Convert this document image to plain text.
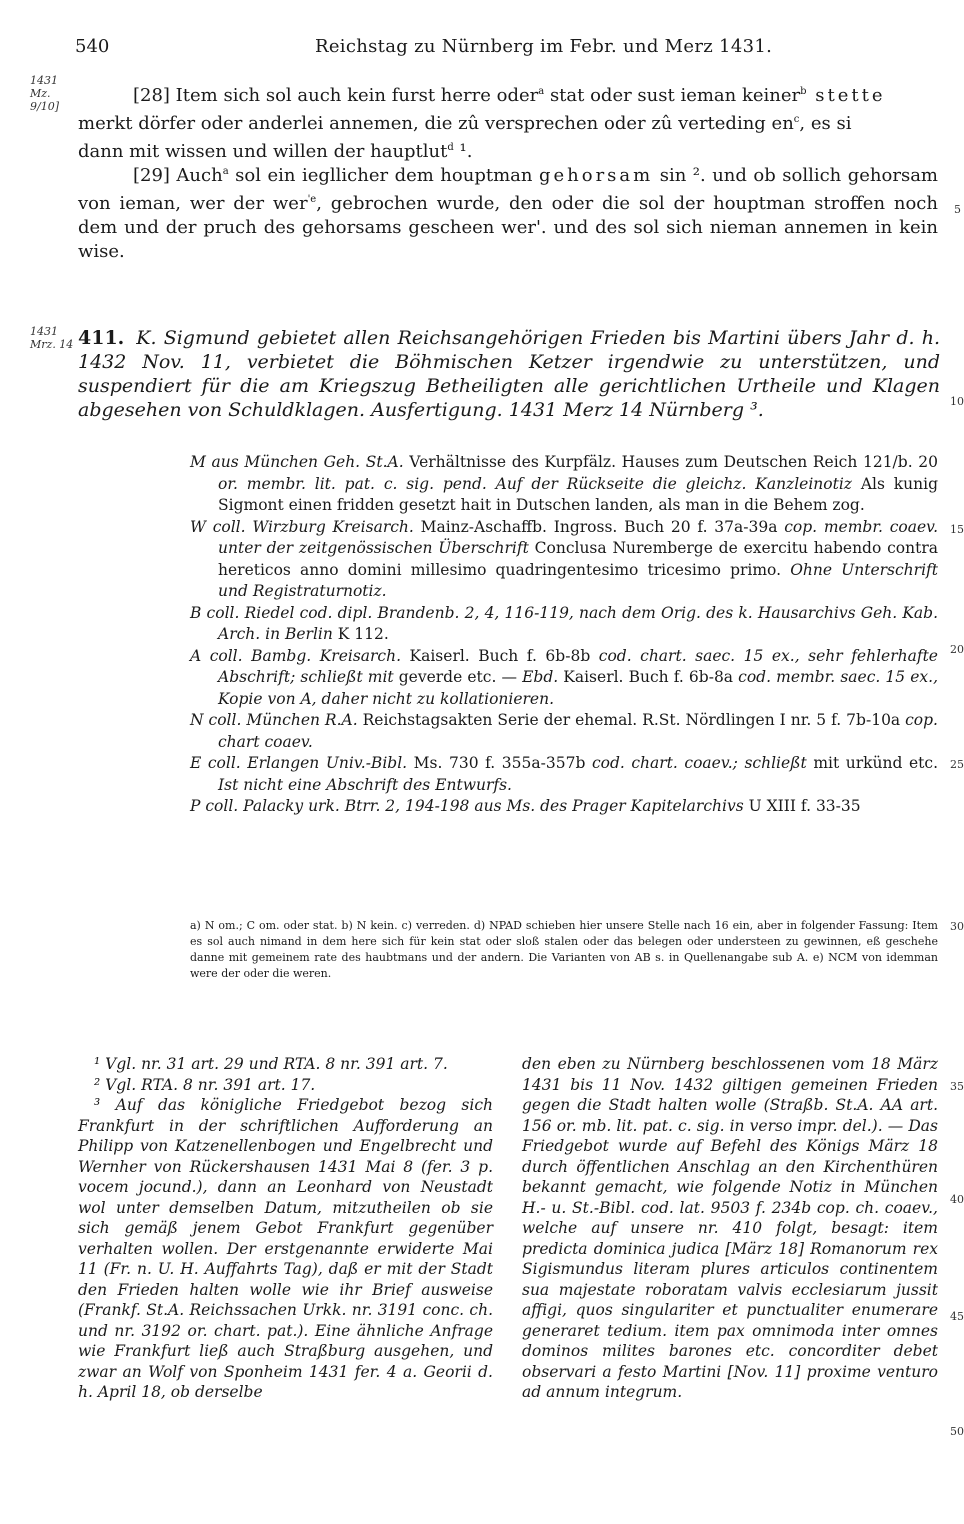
540	Reichstag zu Nürnberg im Febr. und Merz 1431.
1431
Mz.
9/10]
1431
Mrz. 14
5
10
15
20
25
30
35
40
45
50

[28] Item sich sol auch kein furst herre oder$^a$ stat oder sust ieman keiner$^b$ stette

merkt dörfer oder anderlei annemen, die zû versprechen oder zû verteding $en^c$, es si

dann mit wissen und willen der hauptlut$^d$ ¹.

[29] Auch$^a$ sol ein iegllicher dem houptman gehorsam sin ². und ob sollich gehorsam von ieman, wer der wer$^{'e}$, gebrochen wurde, den oder die sol der houptman stroffen noch dem und der pruch des gehorsams gescheen wer'. und des sol sich nieman annemen in kein wise.

411. K. Sigmund gebietet allen Reichsangehörigen Frieden bis Martini übers Jahr d. h. 1432 Nov. 11, verbietet die Böhmischen Ketzer irgendwie zu unterstützen, und suspendiert für die am Kriegszug Betheiligten alle gerichtlichen Urtheile und Klagen abgesehen von Schuldklagen. Ausfertigung. 1431 Merz 14 Nürnberg ³.

M aus München Geh. St.A. Verhältnisse des Kurpfälz. Hauses zum Deutschen Reich 121/b. 20 or. membr. lit. pat. c. sig. pend. Auf der Rückseite die gleichz. Kanzleinotiz Als kunig Sigmont einen fridden gesetzt hait in Dutschen landen, als man in die Behem zog.

W coll. Wirzburg Kreisarch. Mainz-Aschaffb. Ingross. Buch 20 f. 37a-39a cop. membr. coaev. unter der zeitgenössischen Überschrift Conclusa Nuremberge de exercitu habendo contra hereticos anno domini millesimo quadringentesimo tricesimo primo. Ohne Unterschrift und Registraturnotiz.

B coll. Riedel cod. dipl. Brandenb. 2, 4, 116-119, nach dem Orig. des k. Hausarchivs Geh. Kab. Arch. in Berlin K 112.

A coll. Bambg. Kreisarch. Kaiserl. Buch f. 6b-8b cod. chart. saec. 15 ex., sehr fehlerhafte Abschrift; schließt mit geverde etc. — Ebd. Kaiserl. Buch f. 6b-8a cod. membr. saec. 15 ex., Kopie von A, daher nicht zu kollationieren.

N coll. München R.A. Reichstagsakten Serie der ehemal. R.St. Nördlingen I nr. 5 f. 7b-10a cop. chart coaev.

E coll. Erlangen Univ.-Bibl. Ms. 730 f. 355a-357b cod. chart. coaev.; schließt mit urkünd etc. Ist nicht eine Abschrift des Entwurfs.

P coll. Palacky urk. Btrr. 2, 194-198 aus Ms. des Prager Kapitelarchivs U XIII f. 33-35

a) N om.; C om. oder stat. b) N kein. c) verreden. d) NPAD schieben hier unsere Stelle nach 16 ein, aber in folgender Fassung: Item es sol auch nimand in dem here sich für kein stat oder sloß stalen oder das belegen oder understeen zu gewinnen, eß geschehe danne mit gemeinem rate des haubtmans und der andern. Die Varianten von AB s. in Quellenangabe sub A. e) NCM von idemman were der oder die weren.

¹ Vgl. nr. 31 art. 29 und RTA. 8 nr. 391 art. 7.

² Vgl. RTA. 8 nr. 391 art. 17.

³ Auf das königliche Friedgebot bezog sich Frankfurt in der schriftlichen Aufforderung an Philipp von Katzenellenbogen und Engelbrecht und Wernher von Rückershausen 1431 Mai 8 (fer. 3 p. vocem jocund.), dann an Leonhard von Neustadt wol unter demselben Datum, mitzutheilen ob sie sich gemäß jenem Gebot Frankfurt gegenüber verhalten wollen. Der erstgenannte erwiderte Mai 11 (Fr. n. U. H. Auffahrts Tag), daß er mit der Stadt den Frieden halten wolle wie ihr Brief ausweise (Frankf. St.A. Reichssachen Urkk. nr. 3191 conc. ch. und nr. 3192 or. chart. pat.). Eine ähnliche Anfrage wie Frankfurt ließ auch Straßburg ausgehen, und zwar an Wolf von Sponheim 1431 fer. 4 a. Georii d. h. April 18, ob derselbe

den eben zu Nürnberg beschlossenen vom 18 März 1431 bis 11 Nov. 1432 giltigen gemeinen Frieden gegen die Stadt halten wolle (Straßb. St.A. AA art. 156 or. mb. lit. pat. c. sig. in verso impr. del.). — Das Friedgebot wurde auf Befehl des Königs März 18 durch öffentlichen Anschlag an den Kirchenthüren bekannt gemacht, wie folgende Notiz in München H.- u. St.-Bibl. cod. lat. 9503 f. 234b cop. ch. coaev., welche auf unsere nr. 410 folgt, besagt: item predicta dominica judica [März 18] Romanorum rex Sigismundus literam plures articulos continentem sua majestate roboratam valvis ecclesiarum jussit affigi, quos singulariter et punctualiter enumerare generaret tedium. item pax omnimoda inter omnes dominos milites barones etc. concorditer debet observari a festo Martini [Nov. 11] proxime venturo ad annum integrum.
